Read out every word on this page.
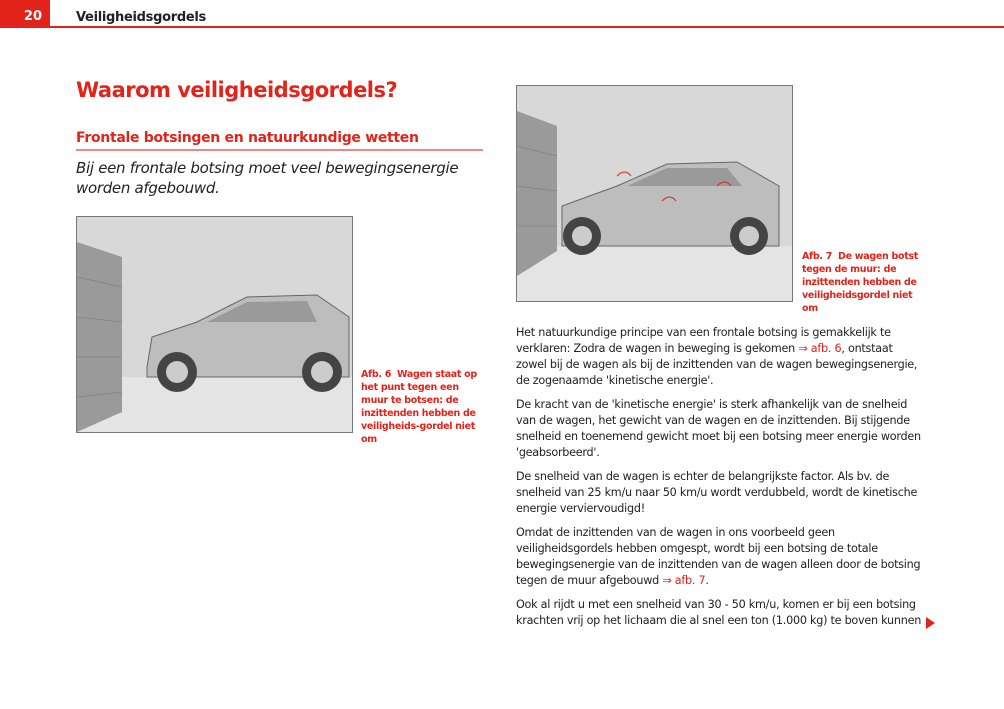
20	Veiligheidsgordels
Waarom veiligheidsgordels?
Frontale botsingen en natuurkundige wetten
Bij een frontale botsing moet veel bewegingsenergie worden afgebouwd.
Afb. 6 Wagen staat op het punt tegen een muur te botsen: de inzittenden hebben de veiligheids-gordel niet om
Afb. 7 De wagen botst tegen de muur: de inzittenden hebben de veiligheidsgordel niet om

Het natuurkundige principe van een frontale botsing is gemakkelijk te verklaren: Zodra de wagen in beweging is gekomen ⇒ afb. 6, ontstaat zowel bij de wagen als bij de inzittenden van de wagen bewegingsenergie, de zogenaamde 'kinetische energie'.

De kracht van de 'kinetische energie' is sterk afhankelijk van de snelheid van de wagen, het gewicht van de wagen en de inzittenden. Bij stijgende snelheid en toenemend gewicht moet bij een botsing meer energie worden 'geabsorbeerd'.

De snelheid van de wagen is echter de belangrijkste factor. Als bv. de snelheid van 25 km/u naar 50 km/u wordt verdubbeld, wordt de kinetische energie verviervoudigd!

Omdat de inzittenden van de wagen in ons voorbeeld geen veiligheidsgordels hebben omgespt, wordt bij een botsing de totale bewegingsenergie van de inzittenden van de wagen alleen door de botsing tegen de muur afgebouwd ⇒ afb. 7.

Ook al rijdt u met een snelheid van 30 - 50 km/u, komen er bij een botsing krachten vrij op het lichaam die al snel een ton (1.000 kg) te boven kunnen
